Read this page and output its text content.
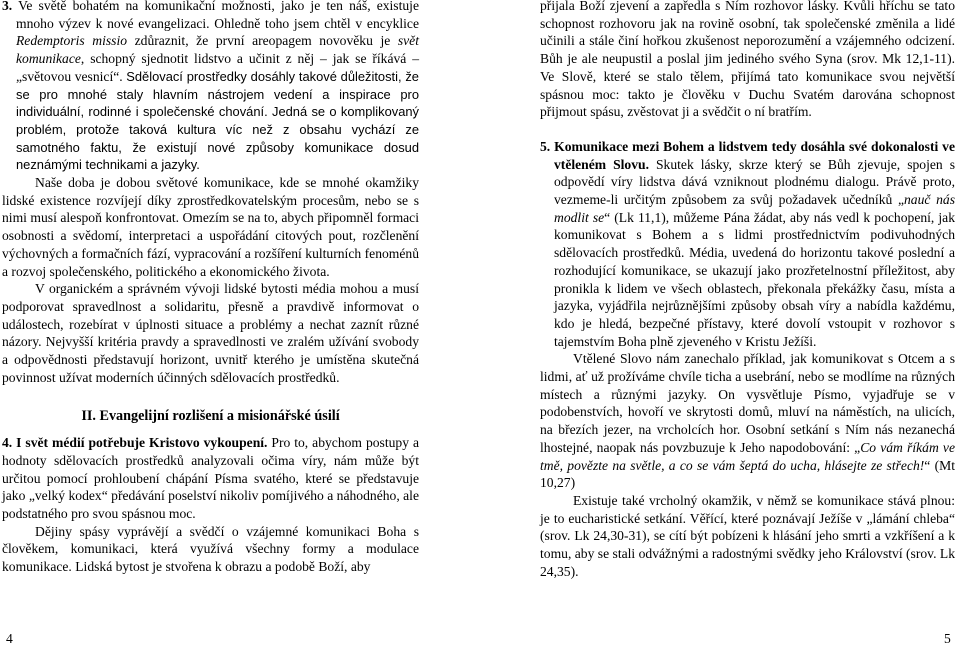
3. Ve světě bohatém na komunikační možnosti, jako je ten náš, existuje mnoho výzev k nové evangelizaci. Ohledně toho jsem chtěl v encyklice Redemptoris missio zdůraznit, že první areopagem novověku je svět komunikace, schopný sjednotit lidstvo a učinit z něj – jak se říkává – „světovou vesnicí“. Sdělovací prostředky dosáhly takové důležitosti, že se pro mnohé staly hlavním nástrojem vedení a inspirace pro individuální, rodinné i společenské chování. Jedná se o komplikovaný problém, protože taková kultura víc než z obsahu vychází ze samotného faktu, že existují nové způsoby komunikace dosud neznámými technikami a jazyky.

Naše doba je dobou světové komunikace, kde se mnohé okamžiky lidské existence rozvíjejí díky zprostředkovatelským procesům, nebo se s nimi musí alespoň konfrontovat. Omezím se na to, abych připomněl formaci osobnosti a svědomí, interpretaci a uspořádání citových pout, rozčlenění výchovných a formačních fází, vypracování a rozšíření kulturních fenoménů a rozvoj společenského, politického a ekonomického života.

V organickém a správném vývoji lidské bytosti média mohou a musí podporovat spravedlnost a solidaritu, přesně a pravdivě informovat o událostech, rozebírat v úplnosti situace a problémy a nechat zaznít různé názory. Nejvyšší kritéria pravdy a spravedlnosti ve zralém užívání svobody a odpovědnosti představují horizont, uvnitř kterého je umístěna skutečná povinnost užívat moderních účinných sdělovacích prostředků.

II. Evangelijní rozlišení a misionářské úsilí

4. I svět médií potřebuje Kristovo vykoupení. Pro to, abychom postupy a hodnoty sdělovacích prostředků analyzovali očima víry, nám může být určitou pomocí prohloubení chápání Písma svatého, které se představuje jako „velký kodex“ předávání poselství nikoliv pomíjivého a náhodného, ale podstatného pro svou spásnou moc.

Dějiny spásy vyprávějí a svědčí o vzájemné komunikaci Boha s člověkem, komunikaci, která využívá všechny formy a modulace komunikace. Lidská bytost je stvořena k obrazu a podobě Boží, aby

přijala Boží zjevení a zapředla s Ním rozhovor lásky. Kvůli hříchu se tato schopnost rozhovoru jak na rovině osobní, tak společenské změnila a lidé učinili a stále činí hořkou zkušenost neporozumění a vzájemného odcizení. Bůh je ale neupustil a poslal jim jediného svého Syna (srov. Mk 12,1-11). Ve Slově, které se stalo tělem, přijímá tato komunikace svou největší spásnou moc: takto je člověku v Duchu Svatém darována schopnost přijmout spásu, zvěstovat ji a svědčit o ní bratřím.

5. Komunikace mezi Bohem a lidstvem tedy dosáhla své dokonalosti ve vtěleném Slovu. Skutek lásky, skrze který se Bůh zjevuje, spojen s odpovědí víry lidstva dává vzniknout plodnému dialogu. Právě proto, vezmeme-li určitým způsobem za svůj požadavek učedníků „nauč nás modlit se“ (Lk 11,1), můžeme Pána žádat, aby nás vedl k pochopení, jak komunikovat s Bohem a s lidmi prostřednictvím podivuhodných sdělovacích prostředků. Média, uvedená do horizontu takové poslední a rozhodující komunikace, se ukazují jako prozřetelnostní příležitost, aby pronikla k lidem ve všech oblastech, překonala překážky času, místa a jazyka, vyjádřila nejrůznějšími způsoby obsah víry a nabídla každému, kdo je hledá, bezpečné přístavy, které dovolí vstoupit v rozhovor s tajemstvím Boha plně zjeveného v Kristu Ježíši.

Vtělené Slovo nám zanechalo příklad, jak komunikovat s Otcem a s lidmi, ať už prožíváme chvíle ticha a usebrání, nebo se modlíme na různých místech a různými jazyky. On vysvětluje Písmo, vyjadřuje se v podobenstvích, hovoří ve skrytosti domů, mluví na náměstích, na ulicích, na březích jezer, na vrcholcích hor. Osobní setkání s Ním nás nezanechá lhostejné, naopak nás povzbuzuje k Jeho napodobování: „Co vám říkám ve tmě, povězte na světle, a co se vám šeptá do ucha, hlásejte ze střech!“ (Mt 10,27)

Existuje také vrcholný okamžik, v němž se komunikace stává plnou: je to eucharistické setkání. Věřící, které poznávají Ježíše v „lámání chleba“ (srov. Lk 24,30-31), se cítí být pobízeni k hlásání jeho smrti a vzkříšení a k tomu, aby se stali odvážnými a radostnými svědky jeho Království (srov. Lk 24,35).

4	5
